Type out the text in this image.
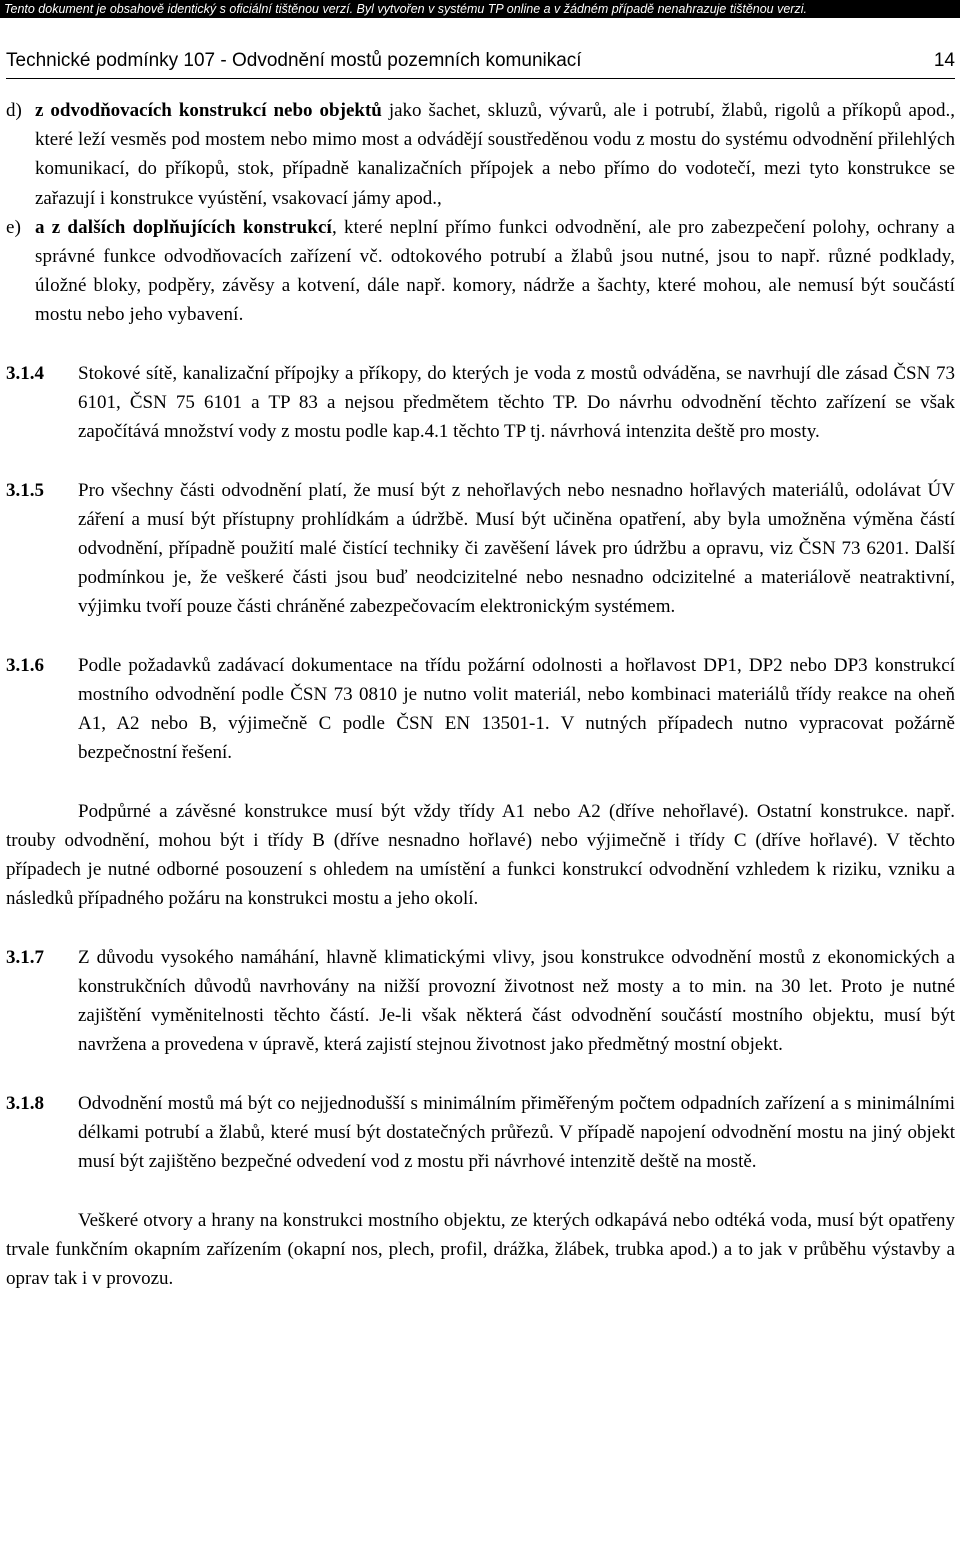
Tento dokument je obsahově identický s oficiální tištěnou verzí. Byl vytvořen v systému TP online a v žádném případě nenahrazuje tištěnou verzi.
Technické podmínky 107 - Odvodnění mostů pozemních komunikací	14

d) z odvodňovacích konstrukcí nebo objektů jako šachet, skluzů, vývarů, ale i potrubí, žlabů, rigolů a příkopů apod., které leží vesměs pod mostem nebo mimo most a odvádějí soustředěnou vodu z mostu do systému odvodnění přilehlých komunikací, do příkopů, stok, případně kanalizačních přípojek a nebo přímo do vodotečí, mezi tyto konstrukce se zařazují i konstrukce vyústění, vsakovací jámy apod.,

e) a z dalších doplňujících konstrukcí, které neplní přímo funkci odvodnění, ale pro zabezpečení polohy, ochrany a správné funkce odvodňovacích zařízení vč. odtokového potrubí a žlabů jsou nutné, jsou to např. různé podklady, úložné bloky, podpěry, závěsy a kotvení, dále např. komory, nádrže a šachty, které mohou, ale nemusí být součástí mostu nebo jeho vybavení.

3.1.4 Stokové sítě, kanalizační přípojky a příkopy, do kterých je voda z mostů odváděna, se navrhují dle zásad ČSN 73 6101, ČSN 75 6101 a TP 83 a nejsou předmětem těchto TP. Do návrhu odvodnění těchto zařízení se však započítává množství vody z mostu podle kap.4.1 těchto TP tj. návrhová intenzita deště pro mosty.

3.1.5 Pro všechny části odvodnění platí, že musí být z nehořlavých nebo nesnadno hořlavých materiálů, odolávat ÚV záření a musí být přístupny prohlídkám a údržbě. Musí být učiněna opatření, aby byla umožněna výměna částí odvodnění, případně použití malé čistící techniky či zavěšení lávek pro údržbu a opravu, viz ČSN 73 6201. Další podmínkou je, že veškeré části jsou buď neodcizitelné nebo nesnadno odcizitelné a materiálově neatraktivní, výjimku tvoří pouze části chráněné zabezpečovacím elektronickým systémem.

3.1.6 Podle požadavků zadávací dokumentace na třídu požární odolnosti a hořlavost DP1, DP2 nebo DP3 konstrukcí mostního odvodnění podle ČSN 73 0810 je nutno volit materiál, nebo kombinaci materiálů třídy reakce na oheň A1, A2 nebo B, výjimečně C podle ČSN EN 13501-1. V nutných případech nutno vypracovat požárně bezpečnostní řešení.

Podpůrné a závěsné konstrukce musí být vždy třídy A1 nebo A2 (dříve nehořlavé). Ostatní konstrukce. např. trouby odvodnění, mohou být i třídy B (dříve nesnadno hořlavé) nebo výjimečně i třídy C (dříve hořlavé). V těchto případech je nutné odborné posouzení s ohledem na umístění a funkci konstrukcí odvodnění vzhledem k riziku, vzniku a následků případného požáru na konstrukci mostu a jeho okolí.

3.1.7 Z důvodu vysokého namáhání, hlavně klimatickými vlivy, jsou konstrukce odvodnění mostů z ekonomických a konstrukčních důvodů navrhovány na nižší provozní životnost než mosty a to min. na 30 let. Proto je nutné zajištění vyměnitelnosti těchto částí. Je-li však některá část odvodnění součástí mostního objektu, musí být navržena a provedena v úpravě, která zajistí stejnou životnost jako předmětný mostní objekt.

3.1.8 Odvodnění mostů má být co nejjednodušší s minimálním přiměřeným počtem odpadních zařízení a s minimálními délkami potrubí a žlabů, které musí být dostatečných průřezů. V případě napojení odvodnění mostu na jiný objekt musí být zajištěno bezpečné odvedení vod z mostu při návrhové intenzitě deště na mostě.

Veškeré otvory a hrany na konstrukci mostního objektu, ze kterých odkapává nebo odtéká voda, musí být opatřeny trvale funkčním okapním zařízením (okapní nos, plech, profil, drážka, žlábek, trubka apod.) a to jak v průběhu výstavby a oprav tak i v provozu.
